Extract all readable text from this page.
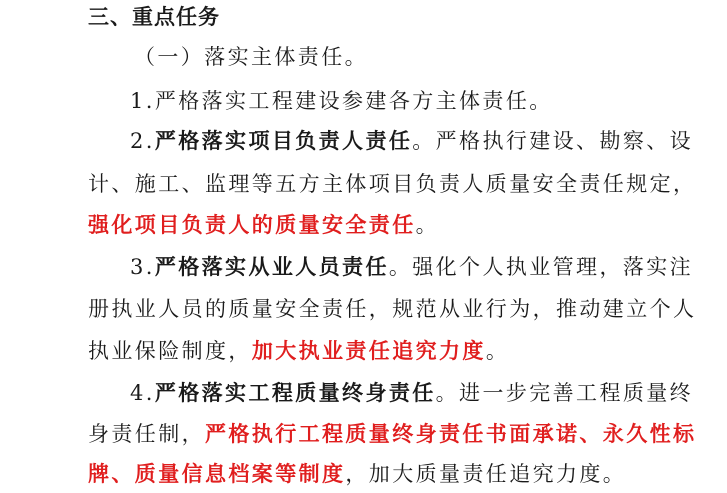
三、重点任务
（一）落实主体责任。
1.严格落实工程建设参建各方主体责任。
2.严格落实项目负责人责任。严格执行建设、勘察、设
计、施工、监理等五方主体项目负责人质量安全责任规定，
强化项目负责人的质量安全责任。
3.严格落实从业人员责任。强化个人执业管理，落实注
册执业人员的质量安全责任，规范从业行为，推动建立个人
执业保险制度，加大执业责任追究力度。
4.严格落实工程质量终身责任。进一步完善工程质量终
身责任制，严格执行工程质量终身责任书面承诺、永久性标
牌、质量信息档案等制度，加大质量责任追究力度。
